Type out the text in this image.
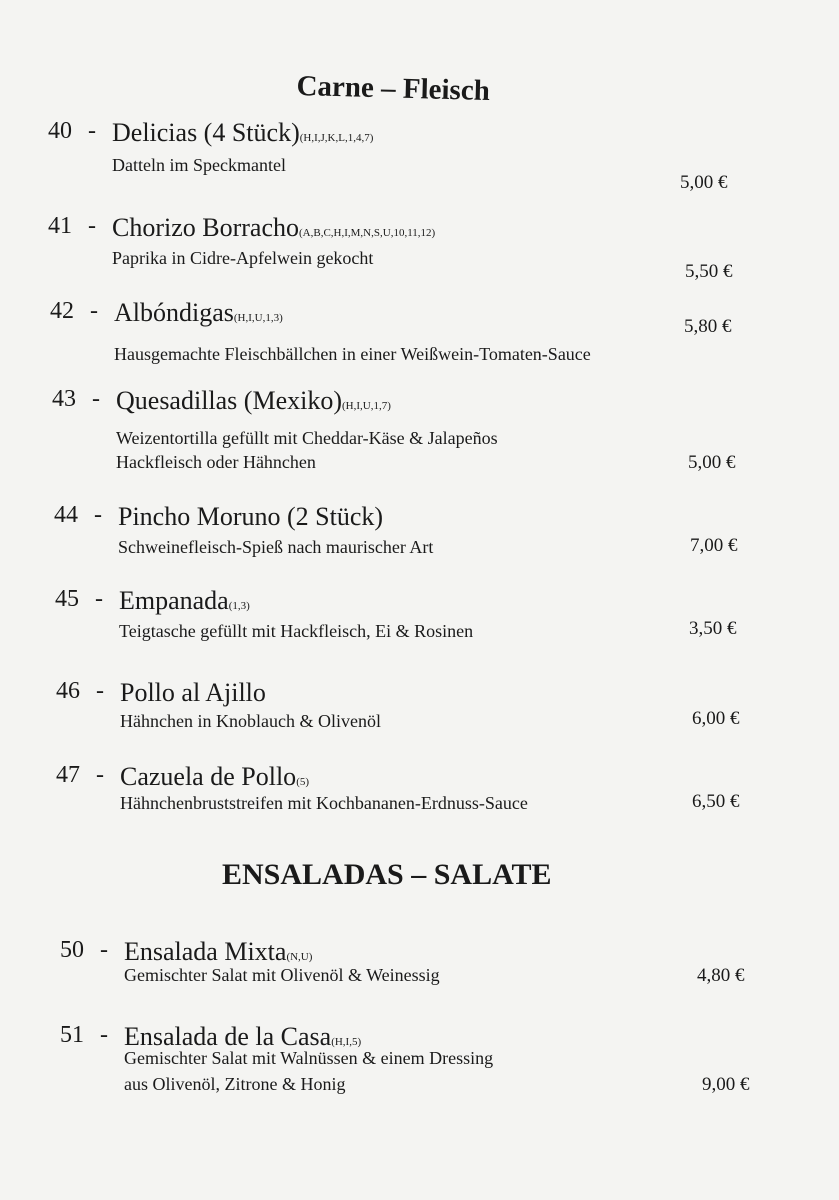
Carne – Fleisch
40 - Delicias (4 Stück)(H,I,J,K,L,1,4,7)
Datteln im Speckmantel
5,00 €
41 - Chorizo Borracho(A,B,C,H,I,M,N,S,U,10,11,12)
Paprika in Cidre-Apfelwein gekocht
5,50 €
42 - Albóndigas(H,I,U,1,3)
Hausgemachte Fleischbällchen in einer Weißwein-Tomaten-Sauce
5,80 €
43 - Quesadillas (Mexiko)(H,I,U,1,7)
Weizentortilla gefüllt mit Cheddar-Käse & Jalapeños
Hackfleisch oder Hähnchen	5,00 €
44 - Pincho Moruno (2 Stück)
Schweinefleisch-Spieß nach maurischer Art	7,00 €
45 - Empanada(1,3)
Teigtasche gefüllt mit Hackfleisch, Ei & Rosinen	3,50 €
46 - Pollo al Ajillo
Hähnchen in Knoblauch & Olivenöl	6,00 €
47 - Cazuela de Pollo(5)
Hähnchenbruststreifen mit Kochbananen-Erdnuss-Sauce	6,50 €
ENSALADAS – SALATE
50 - Ensalada Mixta(N,U)
Gemischter Salat mit Olivenöl & Weinessig	4,80 €
51 - Ensalada de la Casa(H,I,5)
Gemischter Salat mit Walnüssen & einem Dressing
aus Olivenöl, Zitrone & Honig	9,00 €
